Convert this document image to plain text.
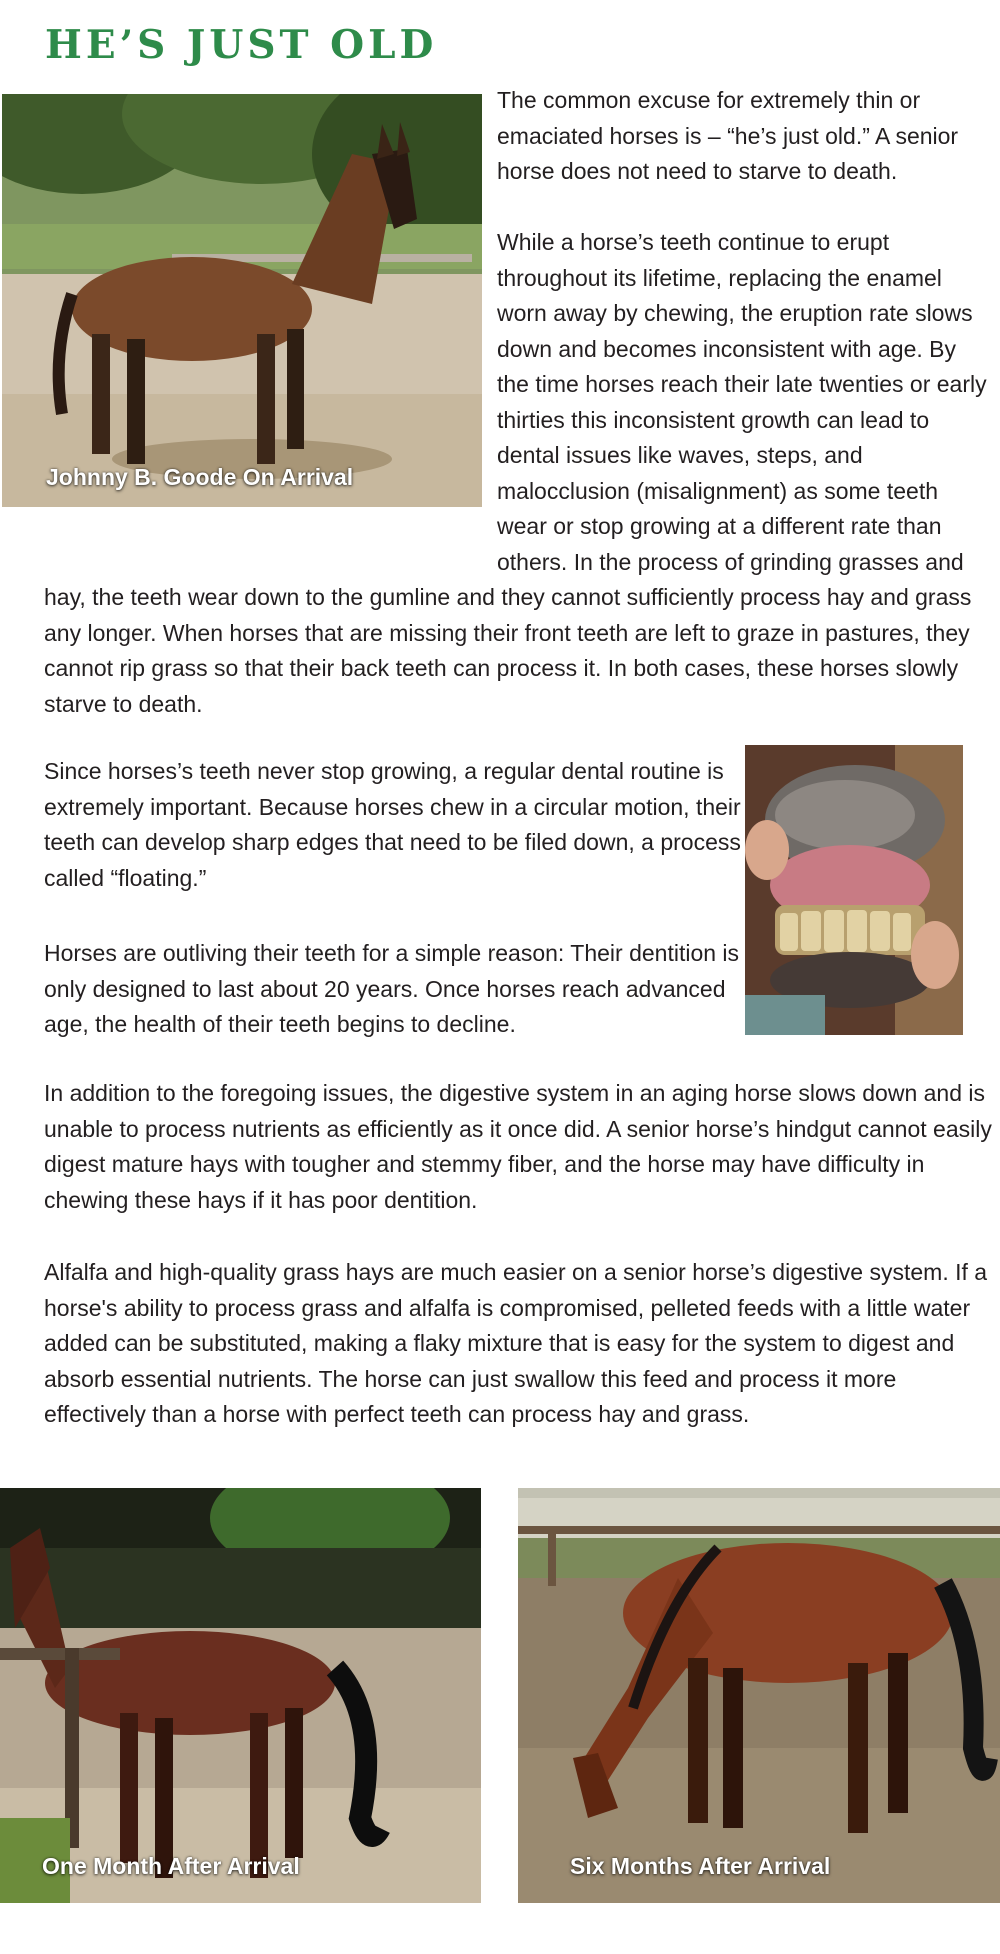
HE’S JUST OLD
Johnny B. Goode On Arrival
One Month After Arrival	Six Months After Arrival

The common excuse for extremely thin or emaciated horses is – “he’s just old.” A senior horse does not need to starve to death.

While a horse’s teeth continue to erupt throughout its lifetime, replacing the enamel worn away by chewing, the eruption rate slows down and becomes inconsistent with age. By the time horses reach their late twenties or early thirties this inconsistent growth can lead to dental issues like waves, steps, and malocclusion (misalignment) as some teeth wear or stop growing at a different rate than others. In the process of grinding grasses and hay, the teeth wear down to the gumline and they cannot sufficiently process hay and grass any longer. When horses that are missing their front teeth are left to graze in pastures, they cannot rip grass so that their back teeth can process it. In both cases, these horses slowly starve to death.

Since horses’s teeth never stop growing, a regular dental routine is extremely important. Because horses chew in a circular motion, their teeth can develop sharp edges that need to be filed down, a process called “floating.”

Horses are outliving their teeth for a simple reason: Their dentition is only designed to last about 20 years. Once horses reach advanced age, the health of their teeth begins to decline.

In addition to the foregoing issues, the digestive system in an aging horse slows down and is unable to process nutrients as efficiently as it once did. A senior horse’s hindgut cannot easily digest mature hays with tougher and stemmy fiber, and the horse may have difficulty in chewing these hays if it has poor dentition.

Alfalfa and high-quality grass hays are much easier on a senior horse’s digestive system. If a horse's ability to process grass and alfalfa is compromised, pelleted feeds with a little water added can be substituted, making a flaky mixture that is easy for the system to digest and absorb essential nutrients. The horse can just swallow this feed and process it more effectively than a horse with perfect teeth can process hay and grass.
